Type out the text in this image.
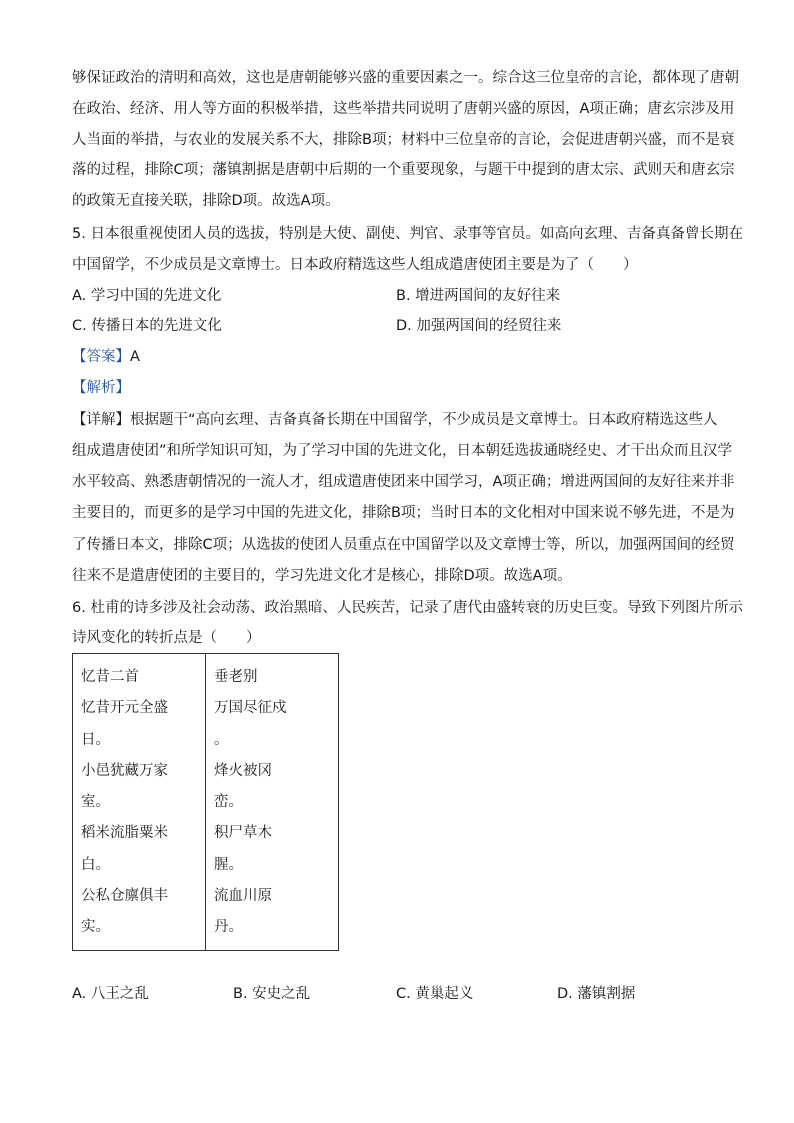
够保证政治的清明和高效，这也是唐朝能够兴盛的重要因素之一。综合这三位皇帝的言论，都体现了唐朝
在政治、经济、用人等方面的积极举措，这些举措共同说明了唐朝兴盛的原因，A项正确；唐玄宗涉及用
人当面的举措，与农业的发展关系不大，排除B项；材料中三位皇帝的言论，会促进唐朝兴盛，而不是衰
落的过程，排除C项；藩镇割据是唐朝中后期的一个重要现象，与题干中提到的唐太宗、武则天和唐玄宗
的政策无直接关联，排除D项。故选A项。
5. 日本很重视使团人员的选拔，特别是大使、副使、判官、录事等官员。如高向玄理、吉备真备曾长期在
中国留学，不少成员是文章博士。日本政府精选这些人组成遣唐使团主要是为了（　　）
A. 学习中国的先进文化	B. 增进两国间的友好往来
C. 传播日本的先进文化	D. 加强两国间的经贸往来
【答案】A
【解析】
【详解】根据题干“高向玄理、吉备真备长期在中国留学，不少成员是文章博士。日本政府精选这些人
组成遣唐使团”和所学知识可知，为了学习中国的先进文化，日本朝廷选拔通晓经史、才干出众而且汉学
水平较高、熟悉唐朝情况的一流人才，组成遣唐使团来中国学习，A项正确；增进两国间的友好往来并非
主要目的，而更多的是学习中国的先进文化，排除B项；当时日本的文化相对中国来说不够先进，不是为
了传播日本文，排除C项；从选拔的使团人员重点在中国留学以及文章博士等，所以，加强两国间的经贸
往来不是遣唐使团的主要目的，学习先进文化才是核心，排除D项。故选A项。
6. 杜甫的诗多涉及社会动荡、政治黑暗、人民疾苦，记录了唐代由盛转衰的历史巨变。导致下列图片所示
诗风变化的转折点是（　　）
忆昔二首
忆昔开元全盛
日。
小邑犹藏万家
室。
稻米流脂粟米
白。
公私仓廪俱丰
实。

垂老别
万国尽征戍
。
烽火被冈
峦。
积尸草木
腥。
流血川原
丹。
A. 八王之乱	B. 安史之乱	C. 黄巢起义	D. 藩镇割据
